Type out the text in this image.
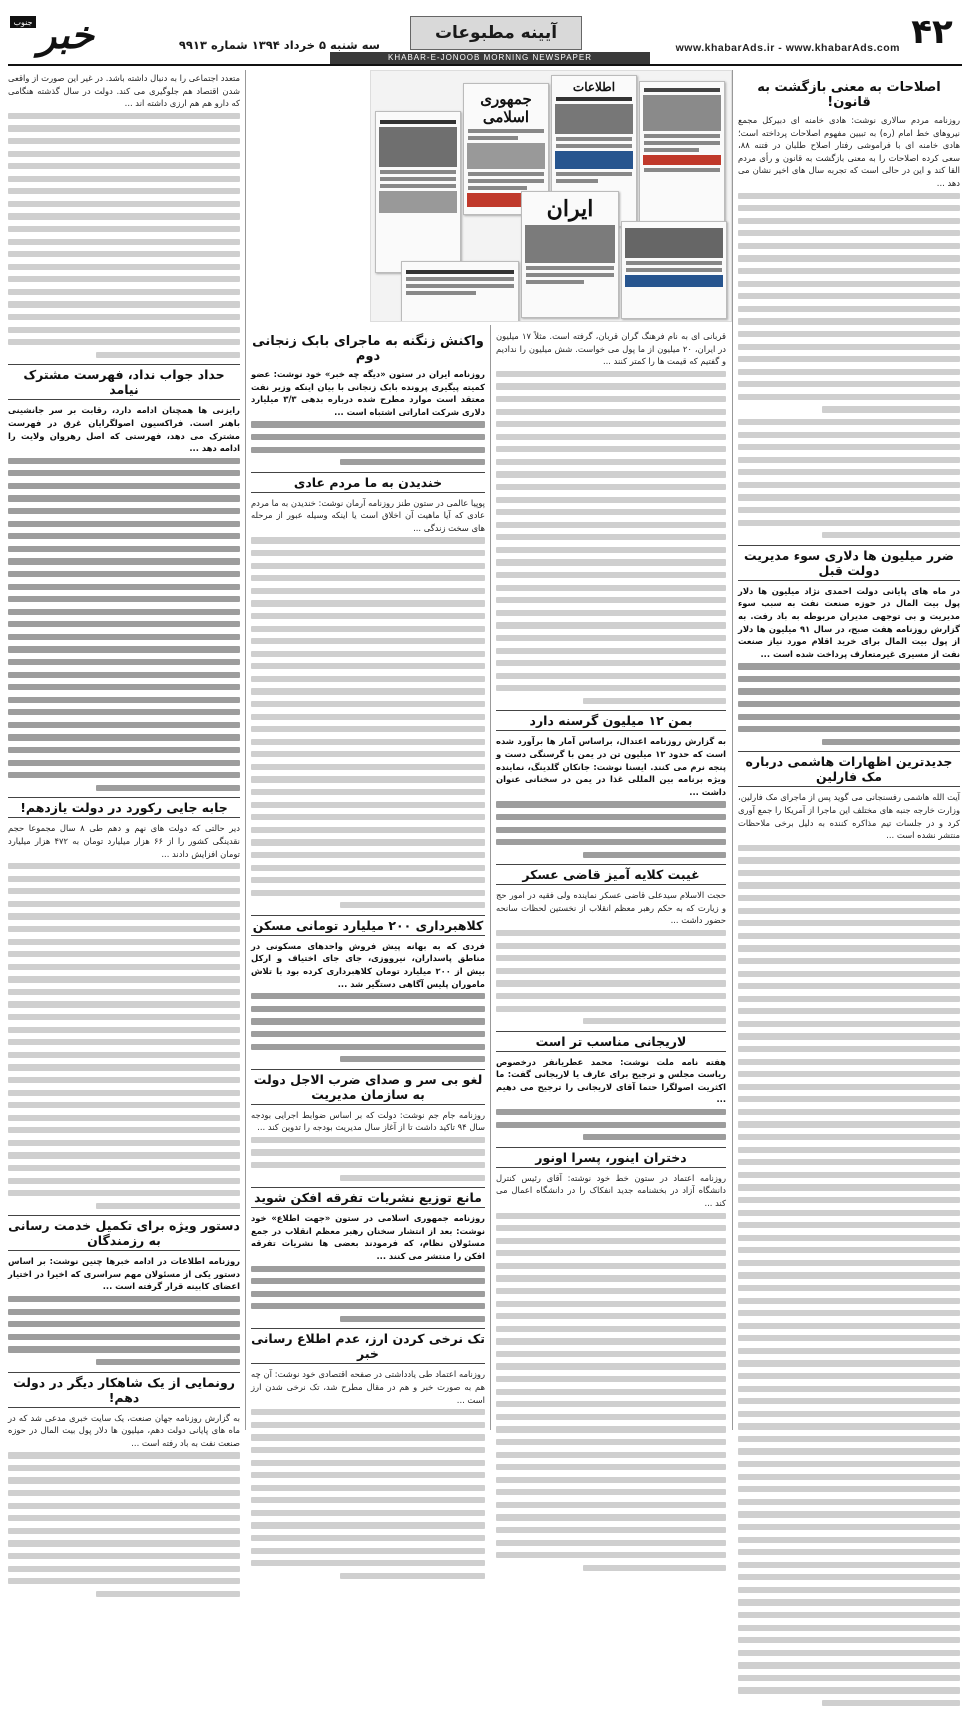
۴۲
www.khabarAds.ir - www.khabarAds.com
آیینه مطبوعات
KHABAR-E-JONOOB MORNING NEWSPAPER
سه شنبه ۵ خرداد ۱۳۹۴ شماره ۹۹۱۳
خبر
جنوب
جمهوری اسلامی
اطلاعات
ایران
اصلاحات به معنی بازگشت به قانون!

روزنامه مردم سالاری نوشت: هادی خامنه ای دبیرکل مجمع نیروهای خط امام (ره) به تبیین مفهوم اصلاحات پرداخته است؛ هادی خامنه ای با فراموشی رفتار اصلاح طلبان در فتنه ۸۸، سعی کرده اصلاحات را به معنی بازگشت به قانون و رأی مردم القا کند و این در حالی است که تجربه سال های اخیر نشان می دهد ...

ضرر میلیون ها دلاری سوء مدیریت دولت قبل

در ماه های پایانی دولت احمدی نژاد میلیون ها دلار پول بیت المال در حوزه صنعت نفت به سبب سوء مدیریت و بی توجهی مدیران مربوطه به باد رفت. به گزارش روزنامه هفت صبح، در سال ۹۱ میلیون ها دلار از پول بیت المال برای خرید اقلام مورد نیاز صنعت نفت از مسیری غیرمتعارف پرداخت شده است ...

جدیدترین اظهارات هاشمی درباره مک فارلین

آیت الله هاشمی رفسنجانی می گوید پس از ماجرای مک فارلین، وزارت خارجه جنبه های مختلف این ماجرا از آمریکا را جمع آوری کرد و در جلسات تیم مذاکره کننده به دلیل برخی ملاحظات منتشر نشده است ...

قربانی ای به نام فرهنگ گران قربان، گرفته است. مثلاً ۱۷ میلیون در ایران، ۲۰ میلیون از ما پول می خواست. شش میلیون را ندادیم و گفتیم که قیمت ها را کمتر کنند ...

بمن ۱۲ میلیون گرسنه دارد

به گزارش روزنامه اعتدال، براساس آمار ها برآورد شده است که حدود ۱۲ میلیون تن در یمن با گرسنگی دست و پنجه نرم می کنند. ایسنا نوشت: جانکان گلدینگ، نماینده ویژه برنامه بین المللی غذا در یمن در سخنانی عنوان داشت ...

غیبت کلایه آمیز قاضی عسکر

حجت الاسلام سیدعلی قاضی عسکر نماینده ولی فقیه در امور حج و زیارت که به حکم رهبر معظم انقلاب از نخستین لحظات سانحه حضور داشت ...

لاریجانی مناسب تر است

هفته نامه ملت نوشت: محمد عطریانفر درخصوص ریاست مجلس و ترجیح برای عارف یا لاریجانی گفت: ما اکثریت اصولگرا حتما آقای لاریجانی را ترجیح می دهیم ...

دختران اینور، پسرا اونور

روزنامه اعتماد در ستون خط خود نوشته: آقای رئیس کنترل دانشگاه آزاد در بخشنامه جدید انفکاک را در دانشگاه اعمال می کند ...

واکنش زنگنه به ماجرای بابک زنجانی دوم

روزنامه ایران در ستون «دیگه چه خبر» خود نوشت: عضو کمیته پیگیری پرونده بابک زنجانی با بیان اینکه وزیر نفت معتقد است موارد مطرح شده درباره بدهی ۳/۳ میلیارد دلاری شرکت اماراتی اشتباه است ...

خندیدن به ما مردم عادی

پوپیا عالمی در ستون طنز روزنامه آرمان نوشت: خندیدن به ما مردم عادی که آیا ماهیت آن اخلاق است یا اینکه وسیله عبور از مرحله های سخت زندگی ...

کلاهبرداری ۲۰۰ میلیارد تومانی مسکن

فردی که به بهانه پیش فروش واحدهای مسکونی در مناطق پاسداران، نیرووزی، جای جای اختیاف و ارکل بیش از ۲۰۰ میلیارد تومان کلاهبرداری کرده بود با تلاش ماموران پلیس آگاهی دستگیر شد ...

لغو بی سر و صدای ضرب الاجل دولت به سازمان مدیریت

روزنامه جام جم نوشت: دولت که بر اساس ضوابط اجرایی بودجه سال ۹۴ تاکید داشت تا از آغاز سال مدیریت بودجه را تدوین کند ...

مانع توزیع نشریات تفرقه افکن شوید

روزنامه جمهوری اسلامی در ستون «جهت اطلاع» خود نوشت: بعد از انتشار سخنان رهبر معظم انقلاب در جمع مسئولان نظام، که فرمودند بعضی ها نشریات تفرقه افکن را منتشر می کنند ...

تک نرخی کردن ارز، عدم اطلاع رسانی خبر

روزنامه اعتماد طی یادداشتی در صفحه اقتصادی خود نوشت: آن چه هم به صورت خبر و هم در مقال مطرح شد، تک نرخی شدن ارز است ...

متعدد اجتماعی را به دنبال داشته باشد. در غیر این صورت از واقعی شدن اقتصاد هم جلوگیری می کند. دولت در سال گذشته هنگامی که دارو هم هم ارزی داشته اند ...

حداد جواب نداد، فهرست مشترک نیامد

رایزنی ها همچنان ادامه دارد، رقابت بر سر جانشینی باهنر است. فراکسیون اصولگرایان غرق در فهرست مشترک می دهد، فهرستی که اصل رهروان ولایت را ادامه دهد ...

جابه جایی رکورد در دولت یازدهم!

دیر حالتی که دولت های نهم و دهم طی ۸ سال مجموعا حجم نقدینگی کشور را از ۶۶ هزار میلیارد تومان به ۴۷۲ هزار میلیارد تومان افزایش دادند ...

دستور ویژه برای تکمیل خدمت رسانی به رزمندگان

روزنامه اطلاعات در ادامه خبرها چنین نوشت: بر اساس دستور یکی از مسئولان مهم سراسری که اخیرا در اختیار اعضای کابینه قرار گرفته است ...

رونمایی از یک شاهکار دیگر در دولت دهم!

به گزارش روزنامه جهان صنعت، یک سایت خبری مدعی شد که در ماه های پایانی دولت دهم، میلیون ها دلار پول بیت المال در حوزه صنعت نفت به باد رفته است ...
